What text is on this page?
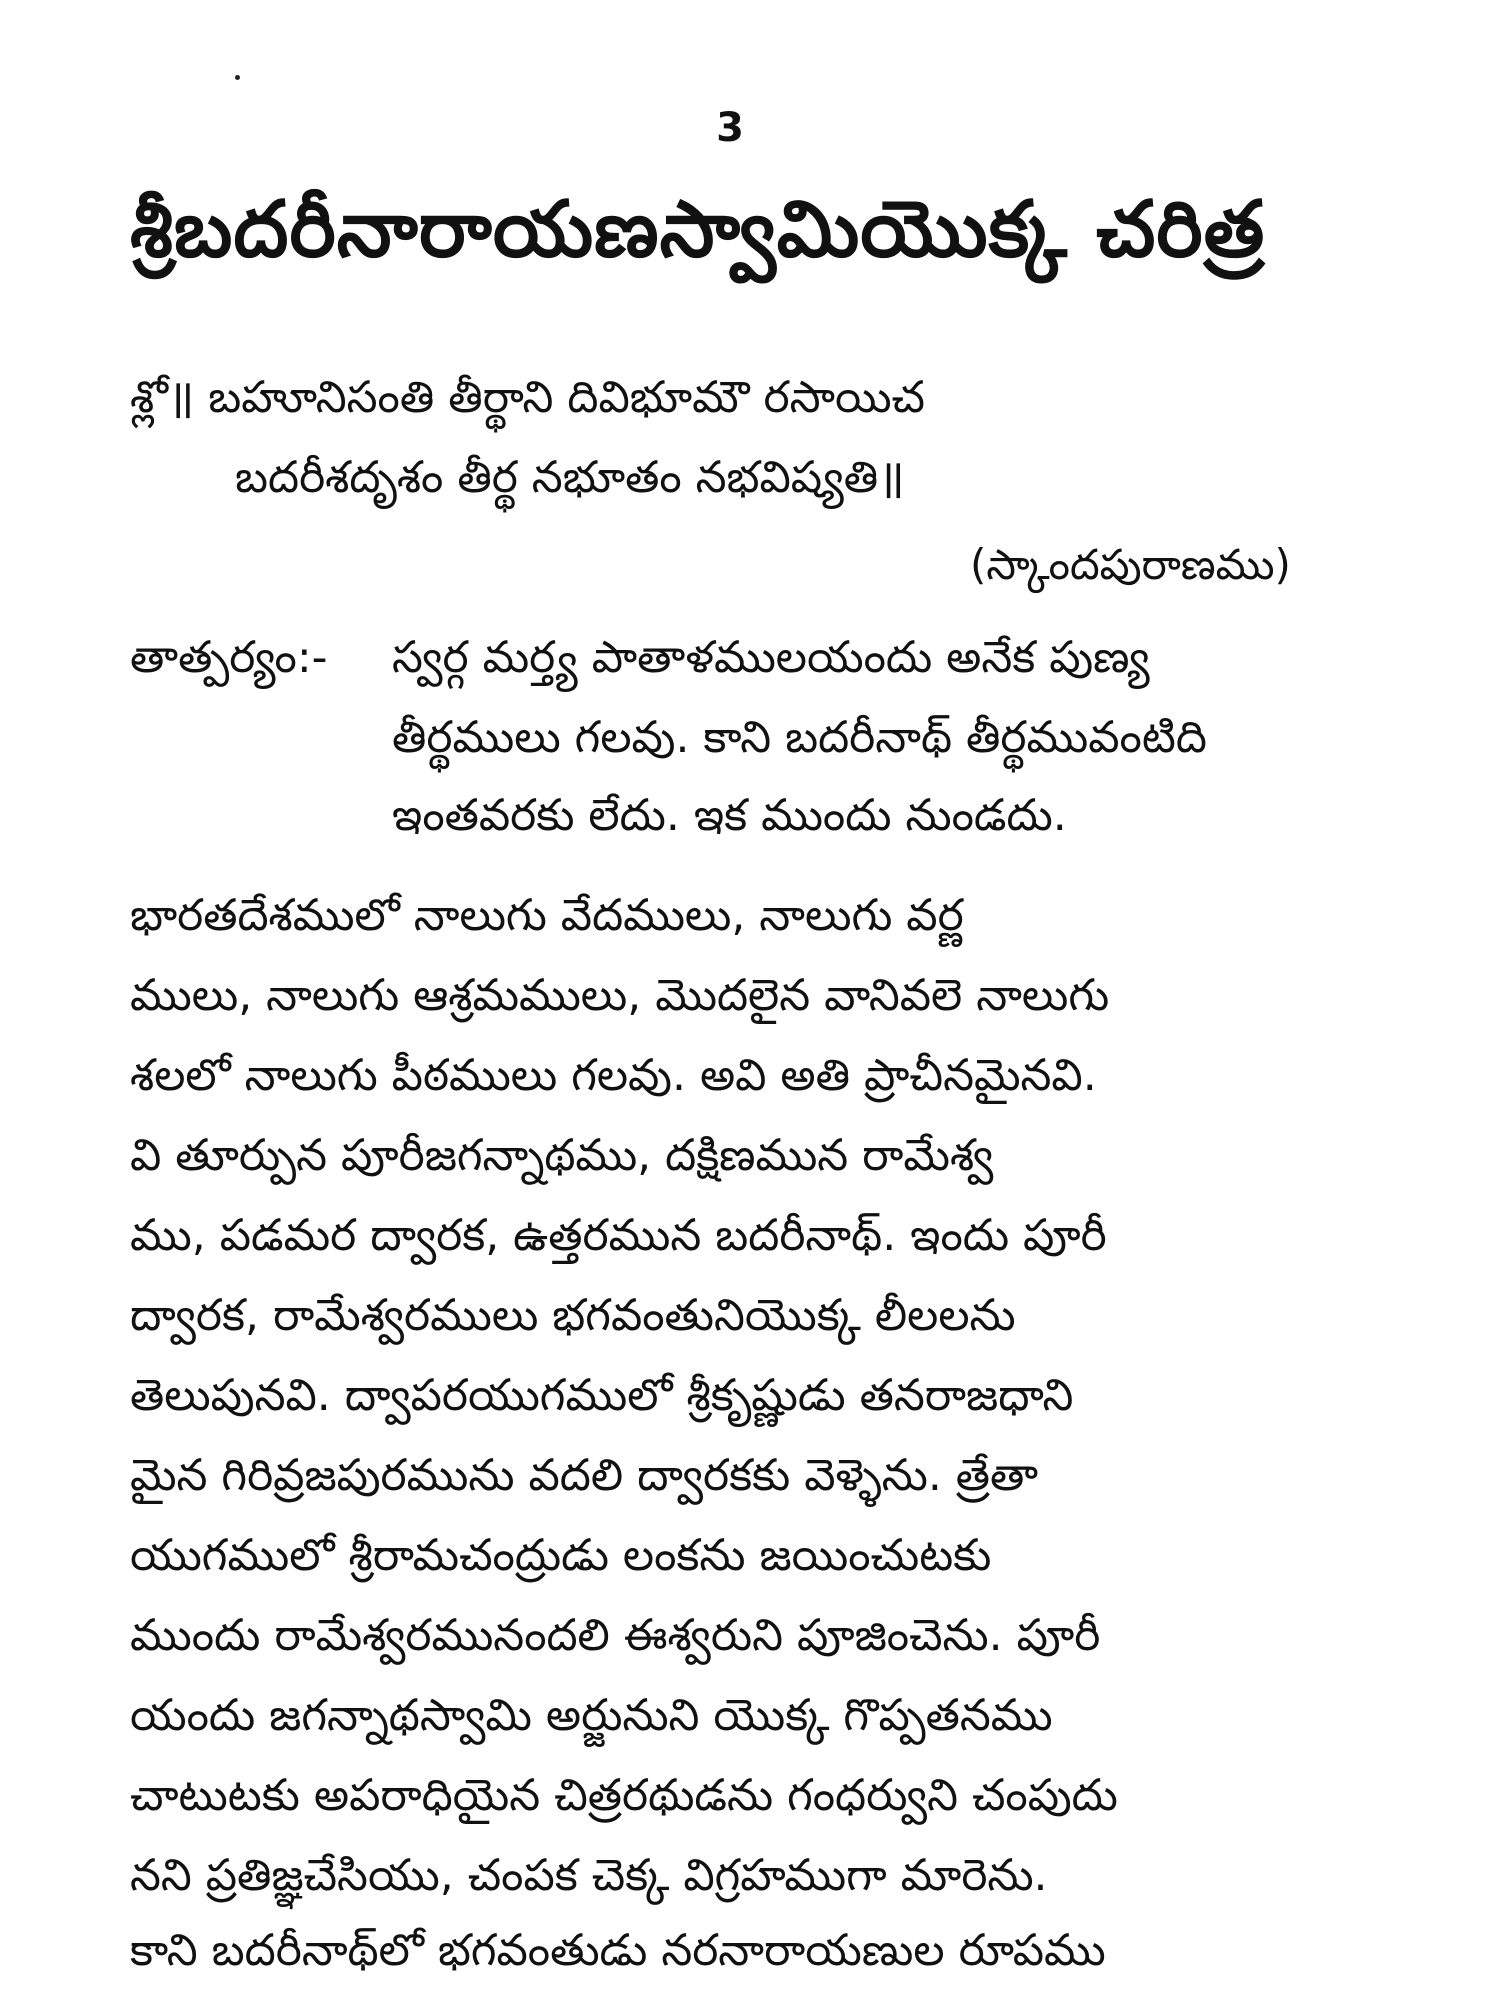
3
శ్రీబదరీనారాయణస్వామియొక్క చరిత్ర
శ్లో॥ బహూనిసంతి తీర్థాని దివిభూమౌ రసాయిచ
బదరీశదృశం తీర్థ నభూతం నభవిష్యతి॥
(స్కాందపురాణము)
తాత్పర్యం:- స్వర్గ మర్త్య పాతాళములయందు అనేక పుణ్య
తీర్థములు గలవు. కాని బదరీనాథ్ తీర్థమువంటిది
ఇంతవరకు లేదు. ఇక ముందు నుండదు.
భారతదేశములో నాలుగు వేదములు, నాలుగు వర్ణ
ములు, నాలుగు ఆశ్రమములు, మొదలైన వానివలె నాలుగు
శలలో నాలుగు పీఠములు గలవు. అవి అతి ప్రాచీనమైనవి.
వి తూర్పున పూరీజగన్నాథము, దక్షిణమున రామేశ్వ
ము, పడమర ద్వారక, ఉత్తరమున బదరీనాథ్. ఇందు పూరీ
ద్వారక, రామేశ్వరములు భగవంతునియొక్క లీలలను
తెలుపునవి. ద్వాపరయుగములో శ్రీకృష్ణుడు తనరాజధాని
మైన గిరివ్రజపురమును వదలి ద్వారకకు వెళ్ళెను. త్రేతా
యుగములో శ్రీరామచంద్రుడు లంకను జయించుటకు
ముందు రామేశ్వరమునందలి ఈశ్వరుని పూజించెను. పూరీ
యందు జగన్నాథస్వామి అర్జునుని యొక్క గొప్పతనము
చాటుటకు అపరాధియైన చిత్రరథుడను గంధర్వుని చంపుదు
నని ప్రతిజ్ఞచేసియు, చంపక చెక్క విగ్రహముగా మారెను.
కాని బదరీనాథ్‌లో భగవంతుడు నరనారాయణుల రూపము
